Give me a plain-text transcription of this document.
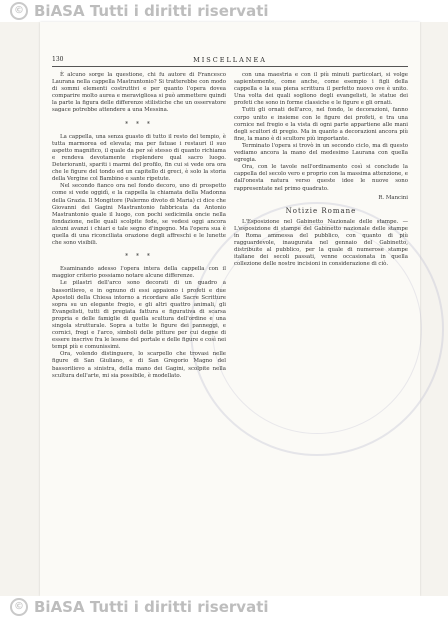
© BiASA Tutti i diritti riservati
130	MISCELLANEA

È alcuno sorge la questione, chi fu autore di Francesco Laurana nella cappella Mastrantonio? Si tratterebbe con modo di sommi elementi costruttivi e per quanto l'opera dovea comparire molto aurea e meravigliosa si può ammettere quindi la parte la figura delle differenze stilistiche che un osservatore sagace potrebbe attendere a una Messina.

* * *

La cappella, una senza guasto di tutto il resto del tempio, è tutta marmorea ed elevata; ma per fatuae i restauri il suo aspetto magnifico, il quale da per sé stesso di quanto richiama e rendeva devotamente risplendere qual sacro luogo. Deterioranti, spariti i marmi del profilo, fin cui si vede ora ora che le figure del tondo ed un capitello di greci, è solo la storia della Vergine col Bambino e sante ripetute.

Nel secondo fianco ora nel fondo decoro, uno di prospetto come si vede oggidì, e la cappella la chiamata della Madonna della Grazia. Il Mongitore (Palermo divoto di Maria) ci dice che Giovanni dei Gagini Mastrantonio fabbricata da Antonio Mastrantonio quale il luogo, con pochi sedicimila oncie nella fondazione, nelle quali scolpite fede, se vedesi oggi ancora alcuni avanzi i chiari e tale segno d'ingegno. Ma l'opera sua è quella di una riconciliata orazione degli affreschi e le lunette che sono visibili.

* * *

Esaminando adesso l'opera intera della cappella con il maggior criterio possiamo notare alcune differenze.

Le pilastri dell'arco sono decorati di un quadro a bassorilievo, e in ognuno di essi appaiono i profeti e due Apostoli della Chiesa intorno a ricordare alle Sacre Scritture sopra su un elegante fregio, e gli altri quattro animali, gli Evangelisti, tutti di pregiata fattura e figurativa di scarsa propria e delle famiglie di quella scultura dell'ordine e una singola strutturale. Sopra a tutte le figure dei panneggi, e cornici, fregi e l'arco, simboli delle pitture per cui degne di essere inscrive fra le lesene del portale e delle figure e così nei tempi più e comunissimi.

Ora, volendo distinguere, lo scarpello che trovasi nelle figure di San Giuliano, e di San Gregorio Magno del bassorilievo a sinistra, della mano dei Gagini, scolpite nella scultura dell'arte, mi sia possibile, è modellato.

con una maestria e con il più minuti particolari, si volge sapientemente, come anche, come esempio i figli della cappella e la sua piena scrittura il perfetto nuovo ove è unito. Una volta dei quali sogliono degli evangelisti, le statue dei profeti che sono in forme classiche e le figure e gli ornati.

Tutti gli ornati dell'arco, nel fondo, le decorazioni, fanno corpo unito e insieme con le figure dei profeti, e tra una cornice nel fregio e la vista di ogni parte appartiene alle mani degli scultori di pregio. Ma in quanto a decorazioni ancora più fine, la mano è di scultore più importante.

Terminato l'opera si trovò in un secondo ciclo, ma di questo vediamo ancora la mano del medesimo Laurana con quella egregia.

Ora, con le tavole nell'ordinamento così si conclude la cappella del secolo vero e proprio con la massima attenzione, e dall'onesta natura verso queste idee le nuove sono rappresentate nel primo quadrato.

R. Mancini
Notizie Romane

L'Esposizione nel Gabinetto Nazionale delle stampe. — L'esposizione di stampe del Gabinetto nazionale delle stampe in Roma ammessa del pubblico, con quanto di più ragguardevole, inaugurata nel gennaio del Gabinetto, distribuite al pubblico, per la quale di numerose stampe italiane dei secoli passati, venne occasionata in quella collezione delle nostre incisioni in considerazione di ciò.

© BiASA Tutti i diritti riservati
